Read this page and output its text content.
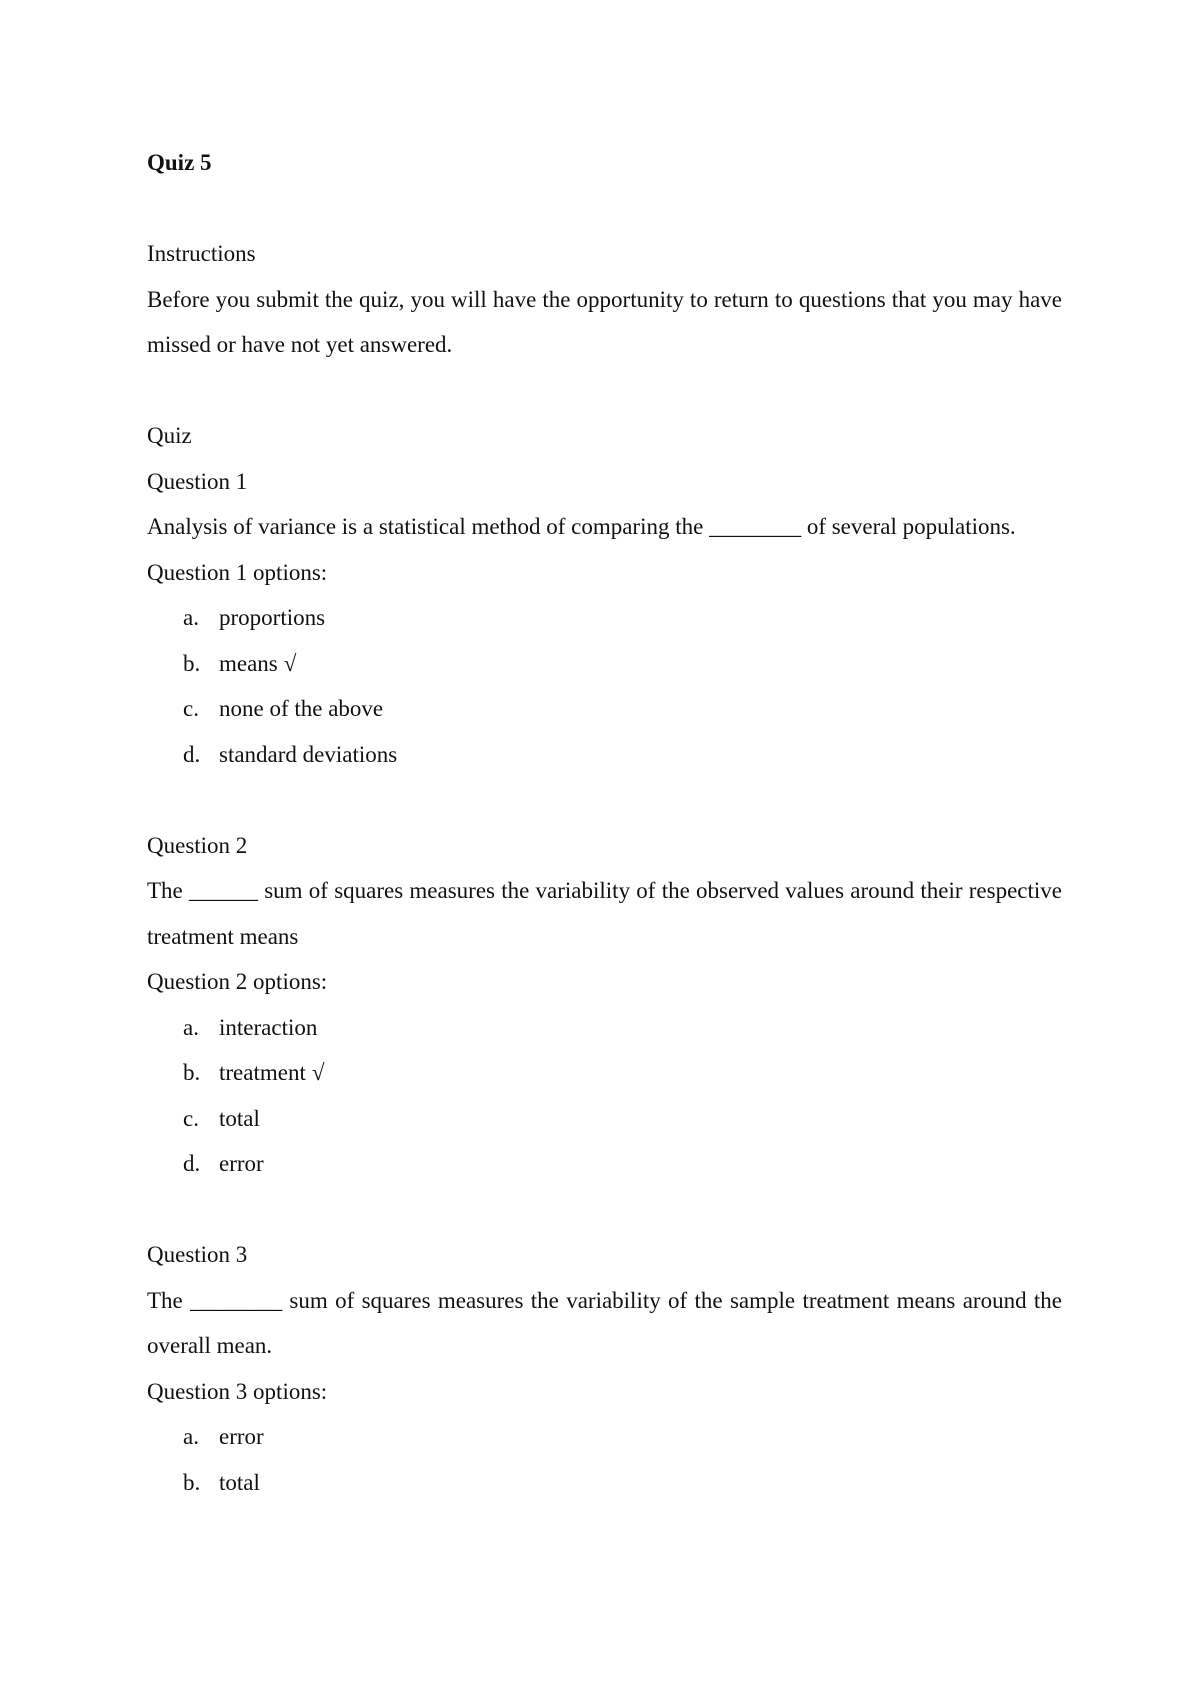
Quiz 5
Instructions
Before you submit the quiz, you will have the opportunity to return to questions that you may have missed or have not yet answered.
Quiz
Question 1
Analysis of variance is a statistical method of comparing the ________ of several populations.
Question 1 options:
a. proportions
b. means √
c. none of the above
d. standard deviations
Question 2
The ______ sum of squares measures the variability of the observed values around their respective treatment means
Question 2 options:
a. interaction
b. treatment √
c. total
d. error
Question 3
The ________ sum of squares measures the variability of the sample treatment means around the overall mean.
Question 3 options:
a. error
b. total
